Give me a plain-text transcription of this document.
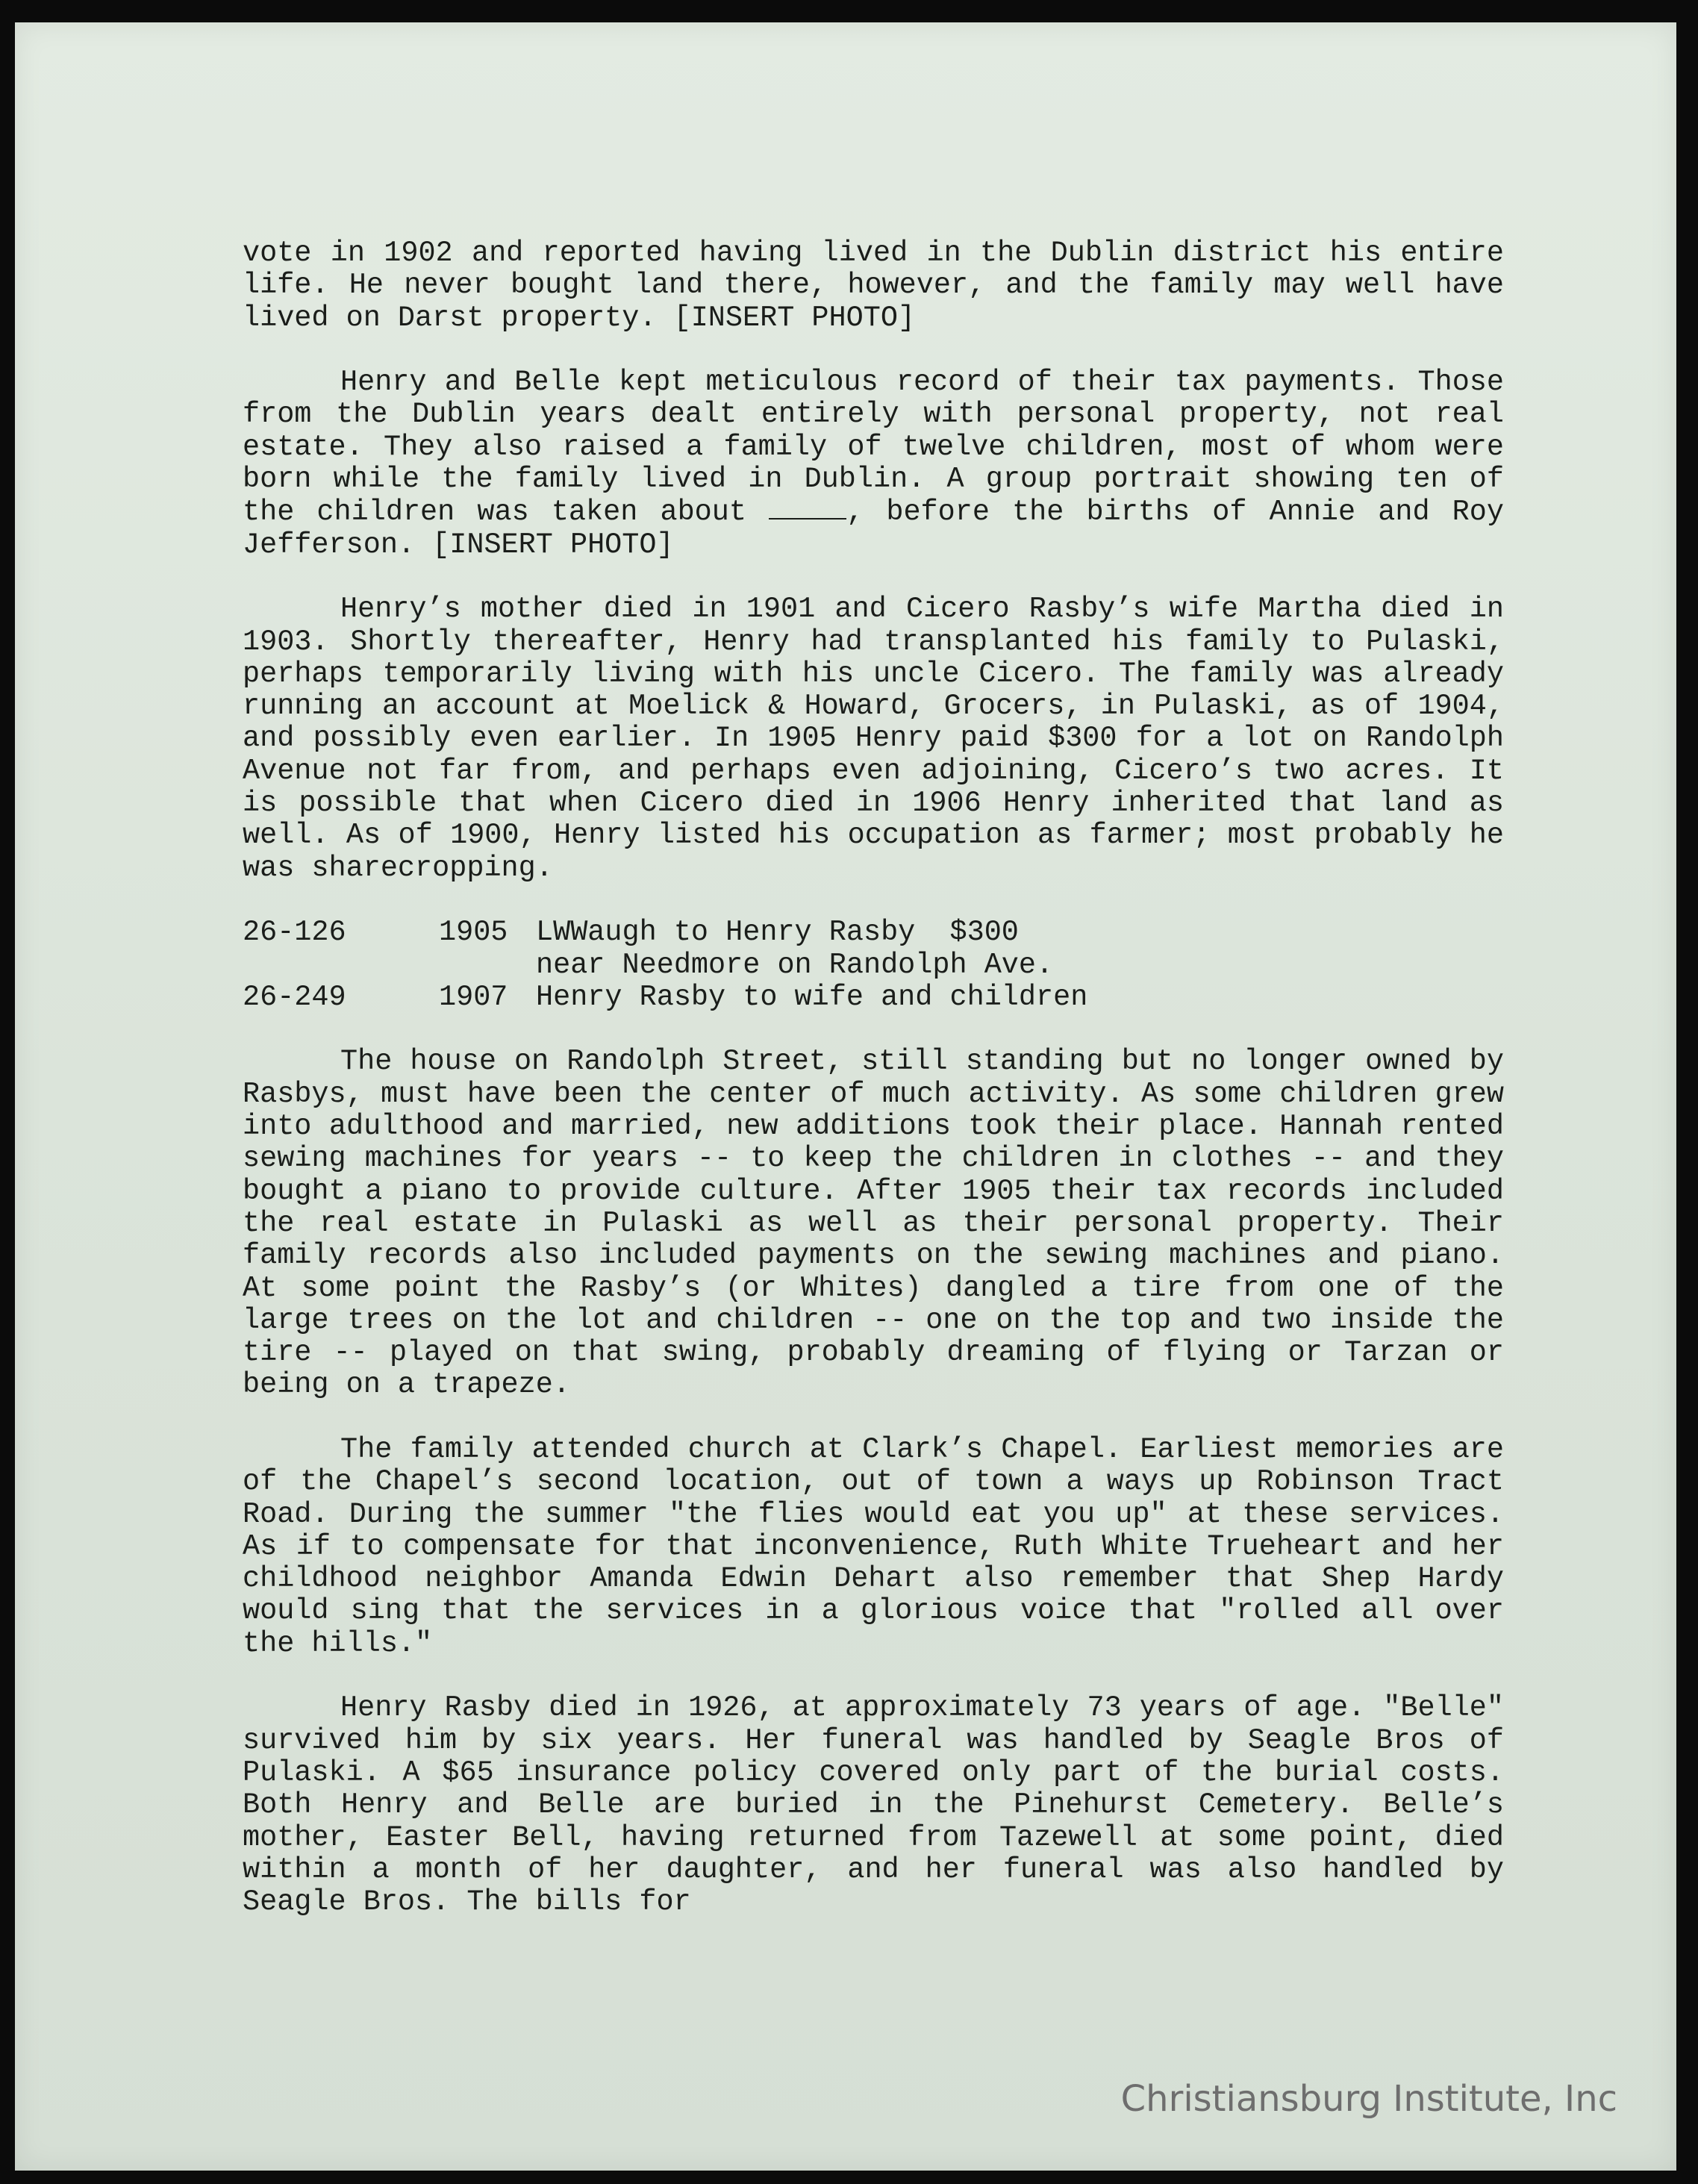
vote in 1902 and reported having lived in the Dublin district his entire life. He never bought land there, however, and the family may well have lived on Darst property. [INSERT PHOTO]

Henry and Belle kept meticulous record of their tax payments. Those from the Dublin years dealt entirely with personal property, not real estate. They also raised a family of twelve children, most of whom were born while the family lived in Dublin. A group portrait showing ten of the children was taken about	, before the births of Annie and Roy Jefferson. [INSERT PHOTO]

Henry’s mother died in 1901 and Cicero Rasby’s wife Martha died in 1903. Shortly thereafter, Henry had transplanted his family to Pulaski, perhaps temporarily living with his uncle Cicero. The family was already running an account at Moelick & Howard, Grocers, in Pulaski, as of 1904, and possibly even earlier. In 1905 Henry paid $300 for a lot on Randolph Avenue not far from, and perhaps even adjoining, Cicero’s two acres. It is possible that when Cicero died in 1906 Henry inherited that land as well. As of 1900, Henry listed his occupation as farmer; most probably he was sharecropping.

26-126	1905 LWWaugh to Henry Rasby  $300
near Needmore on Randolph Ave.
26-249	1907 Henry Rasby to wife and children

The house on Randolph Street, still standing but no longer owned by Rasbys, must have been the center of much activity. As some children grew into adulthood and married, new additions took their place. Hannah rented sewing machines for years -- to keep the children in clothes -- and they bought a piano to provide culture. After 1905 their tax records included the real estate in Pulaski as well as their personal property. Their family records also included payments on the sewing machines and piano. At some point the Rasby’s (or Whites) dangled a tire from one of the large trees on the lot and children -- one on the top and two inside the tire -- played on that swing, probably dreaming of flying or Tarzan or being on a trapeze.

The family attended church at Clark’s Chapel. Earliest memories are of the Chapel’s second location, out of town a ways up Robinson Tract Road. During the summer "the flies would eat you up" at these services. As if to compensate for that inconvenience, Ruth White Trueheart and her childhood neighbor Amanda Edwin Dehart also remember that Shep Hardy would sing that the services in a glorious voice that "rolled all over the hills."

Henry Rasby died in 1926, at approximately 73 years of age. "Belle" survived him by six years. Her funeral was handled by Seagle Bros of Pulaski. A $65 insurance policy covered only part of the burial costs. Both Henry and Belle are buried in the Pinehurst Cemetery. Belle’s mother, Easter Bell, having returned from Tazewell at some point, died within a month of her daughter, and her funeral was also handled by Seagle Bros. The bills for

Christiansburg Institute, Inc
